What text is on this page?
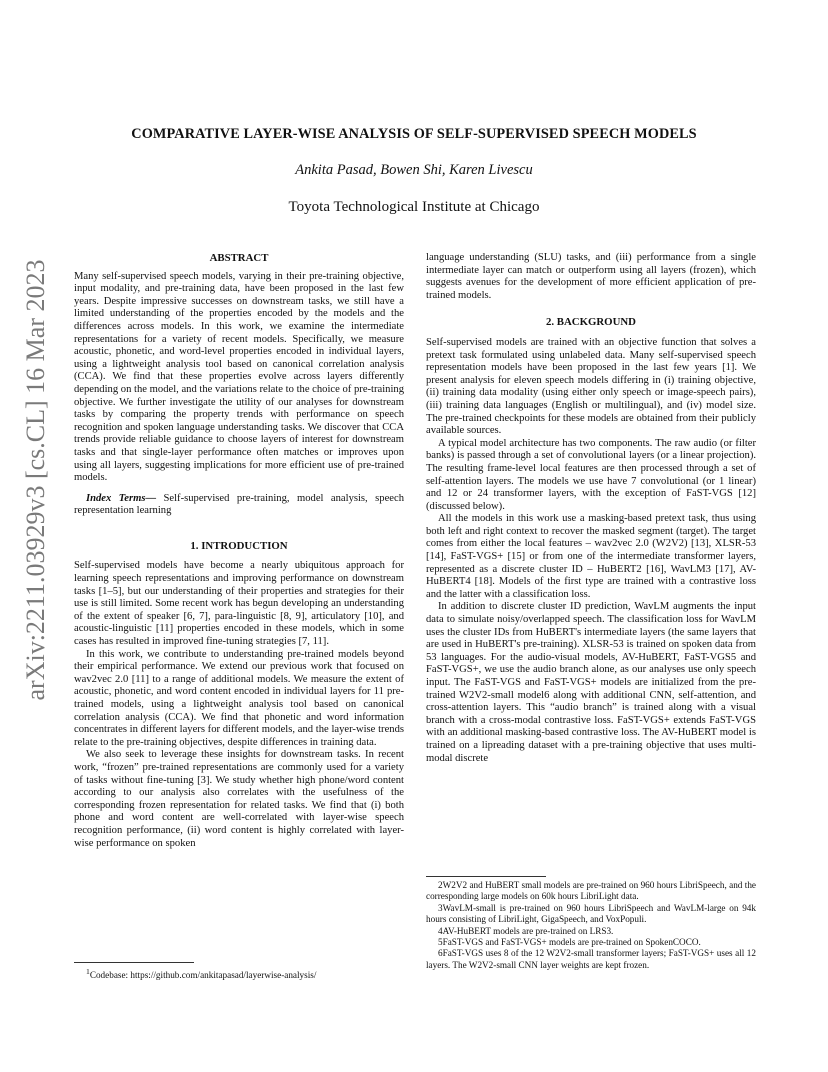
arXiv:2211.03929v3 [cs.CL] 16 Mar 2023
COMPARATIVE LAYER-WISE ANALYSIS OF SELF-SUPERVISED SPEECH MODELS
Ankita Pasad, Bowen Shi, Karen Livescu
Toyota Technological Institute at Chicago
ABSTRACT

Many self-supervised speech models, varying in their pre-training objective, input modality, and pre-training data, have been proposed in the last few years. Despite impressive successes on downstream tasks, we still have a limited understanding of the properties encoded by the models and the differences across models. In this work, we examine the intermediate representations for a variety of recent models. Specifically, we measure acoustic, phonetic, and word-level properties encoded in individual layers, using a lightweight analysis tool based on canonical correlation analysis (CCA). We find that these properties evolve across layers differently depending on the model, and the variations relate to the choice of pre-training objective. We further investigate the utility of our analyses for downstream tasks by comparing the property trends with performance on speech recognition and spoken language understanding tasks. We discover that CCA trends provide reliable guidance to choose layers of interest for downstream tasks and that single-layer performance often matches or improves upon using all layers, suggesting implications for more efficient use of pre-trained models.

Index Terms— Self-supervised pre-training, model analysis, speech representation learning

1. INTRODUCTION

Self-supervised models have become a nearly ubiquitous approach for learning speech representations and improving performance on downstream tasks [1–5], but our understanding of their properties and strategies for their use is still limited. Some recent work has begun developing an understanding of the extent of speaker [6, 7], para-linguistic [8, 9], articulatory [10], and acoustic-linguistic [11] properties encoded in these models, which in some cases has resulted in improved fine-tuning strategies [7, 11].

In this work, we contribute to understanding pre-trained models beyond their empirical performance. We extend our previous work that focused on wav2vec 2.0 [11] to a range of additional models. We measure the extent of acoustic, phonetic, and word content encoded in individual layers for 11 pre-trained models, using a lightweight analysis tool based on canonical correlation analysis (CCA). We find that phonetic and word information concentrates in different layers for different models, and the layer-wise trends relate to the pre-training objectives, despite differences in training data.

We also seek to leverage these insights for downstream tasks. In recent work, “frozen” pre-trained representations are commonly used for a variety of tasks without fine-tuning [3]. We study whether high phone/word content according to our analysis also correlates with the usefulness of the corresponding frozen representation for related tasks. We find that (i) both phone and word content are well-correlated with layer-wise speech recognition performance, (ii) word content is highly correlated with layer-wise performance on spoken

$^1$Codebase: https://github.com/ankitapasad/layerwise-analysis/

language understanding (SLU) tasks, and (iii) performance from a single intermediate layer can match or outperform using all layers (frozen), which suggests avenues for the development of more efficient application of pre-trained models.

2. BACKGROUND

Self-supervised models are trained with an objective function that solves a pretext task formulated using unlabeled data. Many self-supervised speech representation models have been proposed in the last few years [1]. We present analysis for eleven speech models differing in (i) training objective, (ii) training data modality (using either only speech or image-speech pairs), (iii) training data languages (English or multilingual), and (iv) model size. The pre-trained checkpoints for these models are obtained from their publicly available sources.

A typical model architecture has two components. The raw audio (or filter banks) is passed through a set of convolutional layers (or a linear projection). The resulting frame-level local features are then processed through a set of self-attention layers. The models we use have 7 convolutional (or 1 linear) and 12 or 24 transformer layers, with the exception of FaST-VGS [12] (discussed below).

All the models in this work use a masking-based pretext task, thus using both left and right context to recover the masked segment (target). The target comes from either the local features – wav2vec 2.0 (W2V2) [13], XLSR-53 [14], FaST-VGS+ [15] or from one of the intermediate transformer layers, represented as a discrete cluster ID – HuBERT2 [16], WavLM3 [17], AV-HuBERT4 [18]. Models of the first type are trained with a contrastive loss and the latter with a classification loss.

In addition to discrete cluster ID prediction, WavLM augments the input data to simulate noisy/overlapped speech. The classification loss for WavLM uses the cluster IDs from HuBERT's intermediate layers (the same layers that are used in HuBERT's pre-training). XLSR-53 is trained on spoken data from 53 languages. For the audio-visual models, AV-HuBERT, FaST-VGS5 and FaST-VGS+, we use the audio branch alone, as our analyses use only speech input. The FaST-VGS and FaST-VGS+ models are initialized from the pre-trained W2V2-small model6 along with additional CNN, self-attention, and cross-attention layers. This “audio branch” is trained along with a visual branch with a cross-modal contrastive loss. FaST-VGS+ extends FaST-VGS with an additional masking-based contrastive loss. The AV-HuBERT model is trained on a lipreading dataset with a pre-training objective that uses multi-modal discrete

2W2V2 and HuBERT small models are pre-trained on 960 hours LibriSpeech, and the corresponding large models on 60k hours LibriLight data.

3WavLM-small is pre-trained on 960 hours LibriSpeech and WavLM-large on 94k hours consisting of LibriLight, GigaSpeech, and VoxPopuli.

4AV-HuBERT models are pre-trained on LRS3.

5FaST-VGS and FaST-VGS+ models are pre-trained on SpokenCOCO.

6FaST-VGS uses 8 of the 12 W2V2-small transformer layers; FaST-VGS+ uses all 12 layers. The W2V2-small CNN layer weights are kept frozen.
